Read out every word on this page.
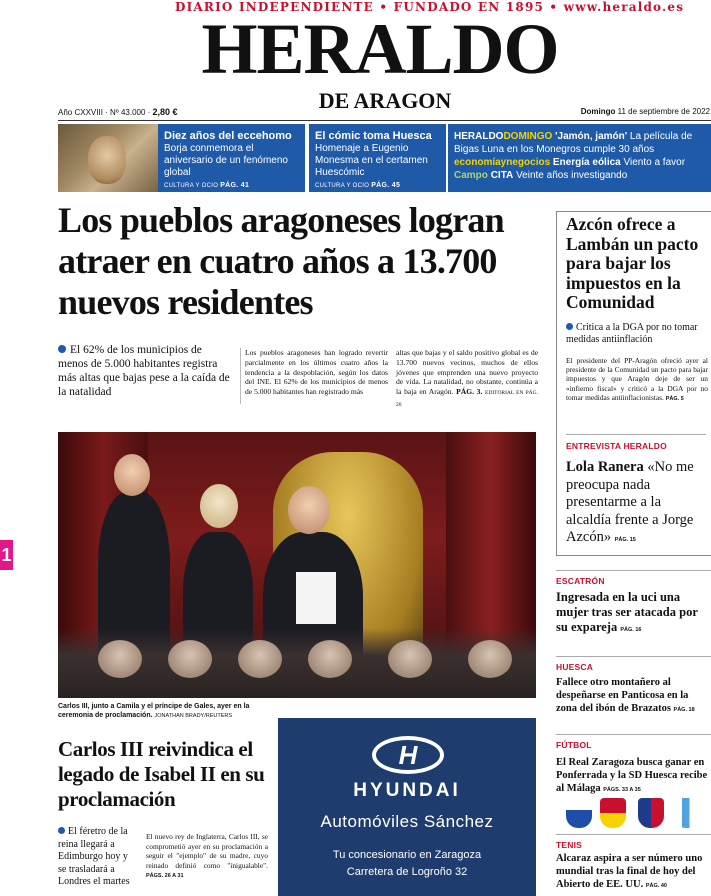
DIARIO INDEPENDIENTE • FUNDADO EN 1895 • www.heraldo.es
HERALDO
DE ARAGON
Año CXXVIII · Nº 43.000 · 2,80 €	Domingo 11 de septiembre de 2022
Diez años del eccehomo
Borja conmemora el aniversario de un fenómeno global
CULTURA Y OCIO PÁG. 41
El cómic toma Huesca
Homenaje a Eugenio Monesma en el certamen Huescómic
CULTURA Y OCIO PÁG. 45
HERALDODOMINGO 'Jamón, jamón' La película de Bigas Luna en los Monegros cumple 30 años economíaynegocios Energía eólica Viento a favor Campo CITA Veinte años investigando
Los pueblos aragoneses logran atraer en cuatro años a 13.700 nuevos residentes
El 62% de los municipios de menos de 5.000 habitantes registra más altas que bajas pese a la caída de la natalidad
Los pueblos aragoneses han logrado revertir parcialmente en los últimos cuatro años la tendencia a la despoblación, según los datos del INE. El 62% de los municipios de menos de 5.000 habitantes han registrado más
altas que bajas y el saldo positivo global es de 13.700 nuevos vecinos, muchos de ellos jóvenes que emprenden una nuevo proyecto de vida. La natalidad, no obstante, continúa a la baja en Aragón. PÁG. 3. EDITORIAL EN PÁG. 20
Carlos III, junto a Camila y el príncipe de Gales, ayer en la ceremonia de proclamación. JONATHAN BRADY/REUTERS
Carlos III reivindica el legado de Isabel II en su proclamación
El féretro de la reina llegará a Edimburgo hoy y se trasladará a Londres el martes
El nuevo rey de Inglaterra, Carlos III, se comprometió ayer en su proclamación a seguir el "ejemplo" de su madre, cuyo reinado definió como "inigualable". PÁGS. 26 A 31
H
HYUNDAI
Automóviles Sánchez
Tu concesionario en Zaragoza
Carretera de Logroño 32
Azcón ofrece a Lambán un pacto para bajar los impuestos en la Comunidad
Critica a la DGA por no tomar medidas antiinflación
El presidente del PP-Aragón ofreció ayer al presidente de la Comunidad un pacto para bajar impuestos y que Aragón deje de ser un «infierno fiscal» y criticó a la DGA por no tomar medidas antiinflacionistas. PÁG. 5
ENTREVISTA HERALDO
Lola Ranera «No me preocupa nada presentarme a la alcaldía frente a Jorge Azcón» PÁG. 15
ESCATRÓN
Ingresada en la uci una mujer tras ser atacada por su expareja PÁG. 16
HUESCA
Fallece otro montañero al despeñarse en Panticosa en la zona del ibón de Brazatos PÁG. 18
FÚTBOL
El Real Zaragoza busca ganar en Ponferrada y la SD Huesca recibe al Málaga PÁGS. 33 A 35
TENIS
Alcaraz aspira a ser número uno mundial tras la final de hoy del Abierto de EE. UU. PÁG. 40
1
